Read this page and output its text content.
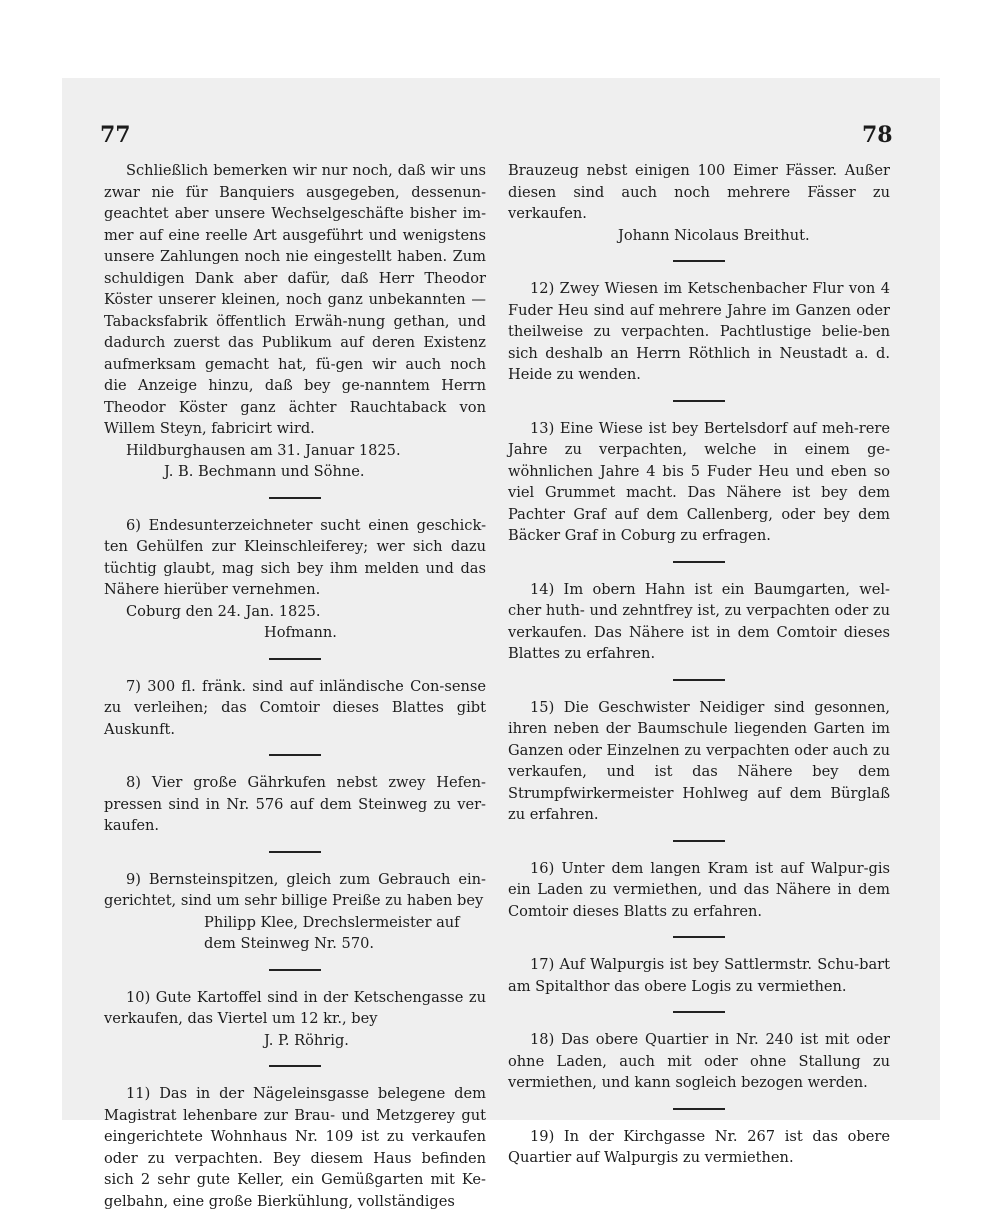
77	78

Schließlich bemerken wir nur noch, daß wir uns zwar nie für Banquiers ausgegeben, dessenun-geachtet aber unsere Wechselgeschäfte bisher im-mer auf eine reelle Art ausgeführt und wenigstens unsere Zahlungen noch nie eingestellt haben. Zum schuldigen Dank aber dafür, daß Herr Theodor Köster unserer kleinen, noch ganz unbekannten — Tabacksfabrik öffentlich Erwäh-nung gethan, und dadurch zuerst das Publikum auf deren Existenz aufmerksam gemacht hat, fü-gen wir auch noch die Anzeige hinzu, daß bey ge-nanntem Herrn Theodor Köster ganz ächter Rauchtaback von Willem Steyn, fabricirt wird.

Hildburghausen am 31. Januar 1825.

J. B. Bechmann und Söhne.

6) Endesunterzeichneter sucht einen geschick-ten Gehülfen zur Kleinschleiferey; wer sich dazu tüchtig glaubt, mag sich bey ihm melden und das Nähere hierüber vernehmen.

Coburg den 24. Jan. 1825.

Hofmann.

7) 300 fl. fränk. sind auf inländische Con-sense zu verleihen; das Comtoir dieses Blattes gibt Auskunft.

8) Vier große Gährkufen nebst zwey Hefen-pressen sind in Nr. 576 auf dem Steinweg zu ver-kaufen.

9) Bernsteinspitzen, gleich zum Gebrauch ein-gerichtet, sind um sehr billige Preiße zu haben bey

Philipp Klee, Drechslermeister auf dem Steinweg Nr. 570.

10) Gute Kartoffel sind in der Ketschengasse zu verkaufen, das Viertel um 12 kr., bey

J. P. Röhrig.

11) Das in der Nägeleinsgasse belegene dem Magistrat lehenbare zur Brau- und Metzgerey gut eingerichtete Wohnhaus Nr. 109 ist zu verkaufen oder zu verpachten. Bey diesem Haus befinden sich 2 sehr gute Keller, ein Gemüßgarten mit Ke-gelbahn, eine große Bierkühlung, vollständiges

Brauzeug nebst einigen 100 Eimer Fässer. Außer diesen sind auch noch mehrere Fässer zu verkaufen.

Johann Nicolaus Breithut.

12) Zwey Wiesen im Ketschenbacher Flur von 4 Fuder Heu sind auf mehrere Jahre im Ganzen oder theilweise zu verpachten. Pachtlustige belie-ben sich deshalb an Herrn Röthlich in Neustadt a. d. Heide zu wenden.

13) Eine Wiese ist bey Bertelsdorf auf meh-rere Jahre zu verpachten, welche in einem ge-wöhnlichen Jahre 4 bis 5 Fuder Heu und eben so viel Grummet macht. Das Nähere ist bey dem Pachter Graf auf dem Callenberg, oder bey dem Bäcker Graf in Coburg zu erfragen.

14) Im obern Hahn ist ein Baumgarten, wel-cher huth- und zehntfrey ist, zu verpachten oder zu verkaufen. Das Nähere ist in dem Comtoir dieses Blattes zu erfahren.

15) Die Geschwister Neidiger sind gesonnen, ihren neben der Baumschule liegenden Garten im Ganzen oder Einzelnen zu verpachten oder auch zu verkaufen, und ist das Nähere bey dem Strumpfwirkermeister Hohlweg auf dem Bürglaß zu erfahren.

16) Unter dem langen Kram ist auf Walpur-gis ein Laden zu vermiethen, und das Nähere in dem Comtoir dieses Blatts zu erfahren.

17) Auf Walpurgis ist bey Sattlermstr. Schu-bart am Spitalthor das obere Logis zu vermiethen.

18) Das obere Quartier in Nr. 240 ist mit oder ohne Laden, auch mit oder ohne Stallung zu vermiethen, und kann sogleich bezogen werden.

19) In der Kirchgasse Nr. 267 ist das obere Quartier auf Walpurgis zu vermiethen.
